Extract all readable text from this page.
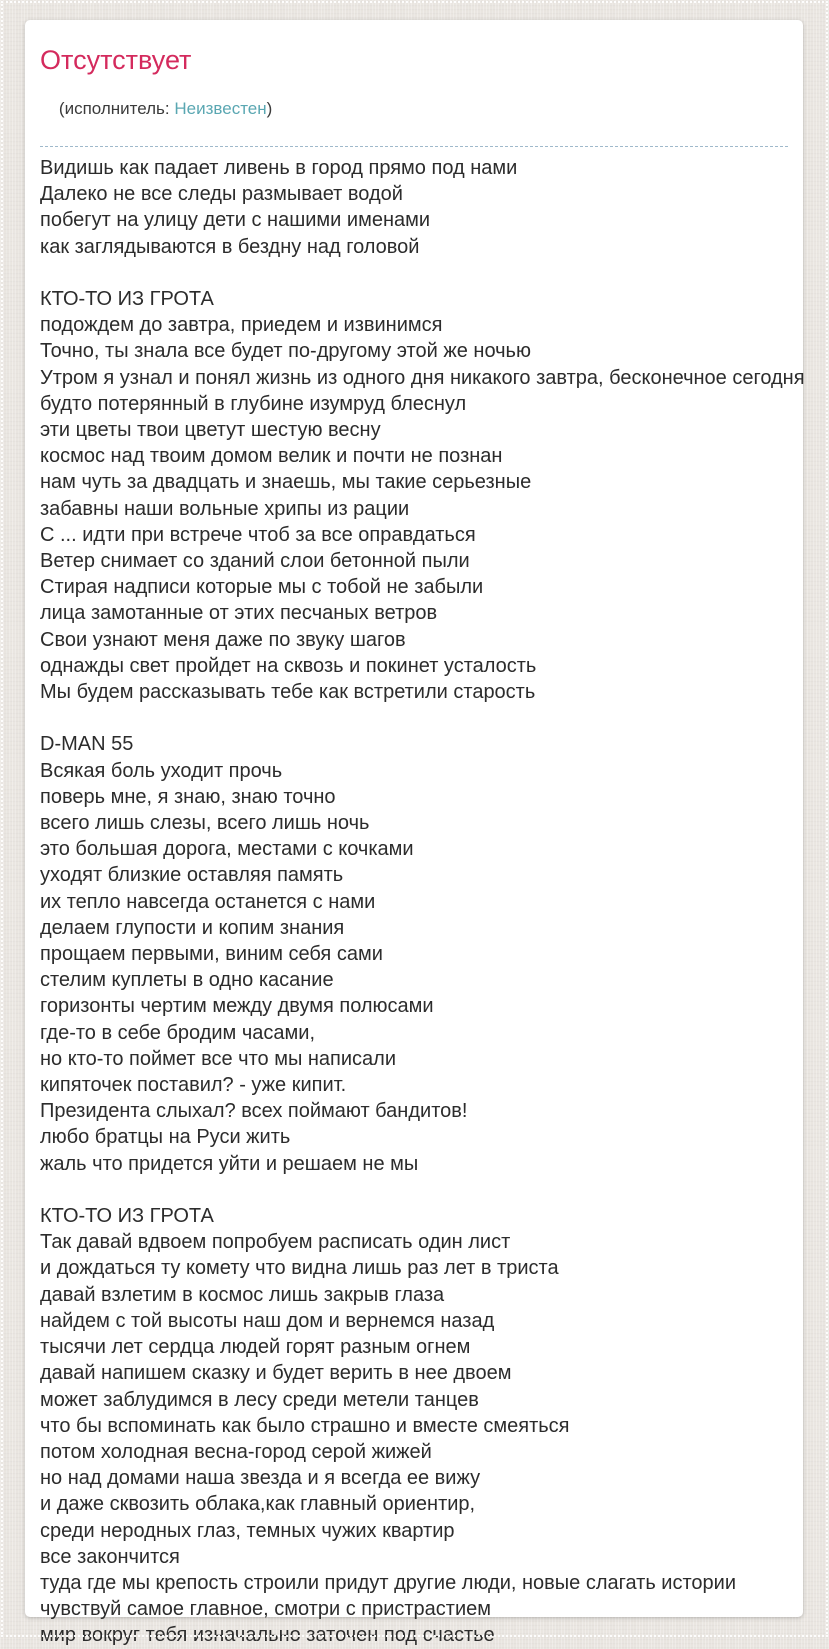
Отсутствует

(исполнитель: Неизвестен)

Видишь как падает ливень в город прямо под нами
Далеко не все следы размывает водой
побегут на улицу дети с нашими именами
как заглядываются в бездну над головой
КТО-ТО ИЗ ГРОТА
подождем до завтра, приедем и извинимся
Точно, ты знала все будет по-другому этой же ночью
Утром я узнал и понял жизнь из одного дня никакого завтра, бесконечное сегодня
будто потерянный в глубине изумруд блеснул
эти цветы твои цветут шестую весну
космос над твоим домом велик и почти не познан
нам чуть за двадцать и знаешь, мы такие серьезные
забавны наши вольные хрипы из рации
С ... идти при встрече чтоб за все оправдаться
Ветер снимает со зданий слои бетонной пыли
Стирая надписи которые мы с тобой не забыли
лица замотанные от этих песчаных ветров
Свои узнают меня даже по звуку шагов
однажды свет пройдет на сквозь и покинет усталость
Мы будем рассказывать тебе как встретили старость
D-MAN 55
Всякая боль уходит прочь
поверь мне, я знаю, знаю точно
всего лишь слезы, всего лишь ночь
это большая дорога, местами с кочками
уходят близкие оставляя память
их тепло навсегда останется с нами
делаем глупости и копим знания
прощаем первыми, виним себя сами
стелим куплеты в одно касание
горизонты чертим между двумя полюсами
где-то в себе бродим часами,
но кто-то поймет все что мы написали
кипяточек поставил? - уже кипит.
Президента слыхал? всех поймают бандитов!
любо братцы на Руси жить
жаль что придется уйти и решаем не мы
КТО-ТО ИЗ ГРОТА
Так давай вдвоем попробуем расписать один лист
и дождаться ту комету что видна лишь раз лет в триста
давай взлетим в космос лишь закрыв глаза
найдем с той высоты наш дом и вернемся назад
тысячи лет сердца людей горят разным огнем
давай напишем сказку и будет верить в нее двоем
может заблудимся в лесу среди метели танцев
что бы вспоминать как было страшно и вместе смеяться
потом холодная весна-город серой жижей
но над домами наша звезда и я всегда ее вижу
и даже сквозить облака,как главный ориентир,
среди неродных глаз, темных чужих квартир
все закончится
туда где мы крепость строили придут другие люди, новые слагать истории
чувствуй самое главное, смотри с пристрастием
мир вокруг тебя изначально заточен под счастье
